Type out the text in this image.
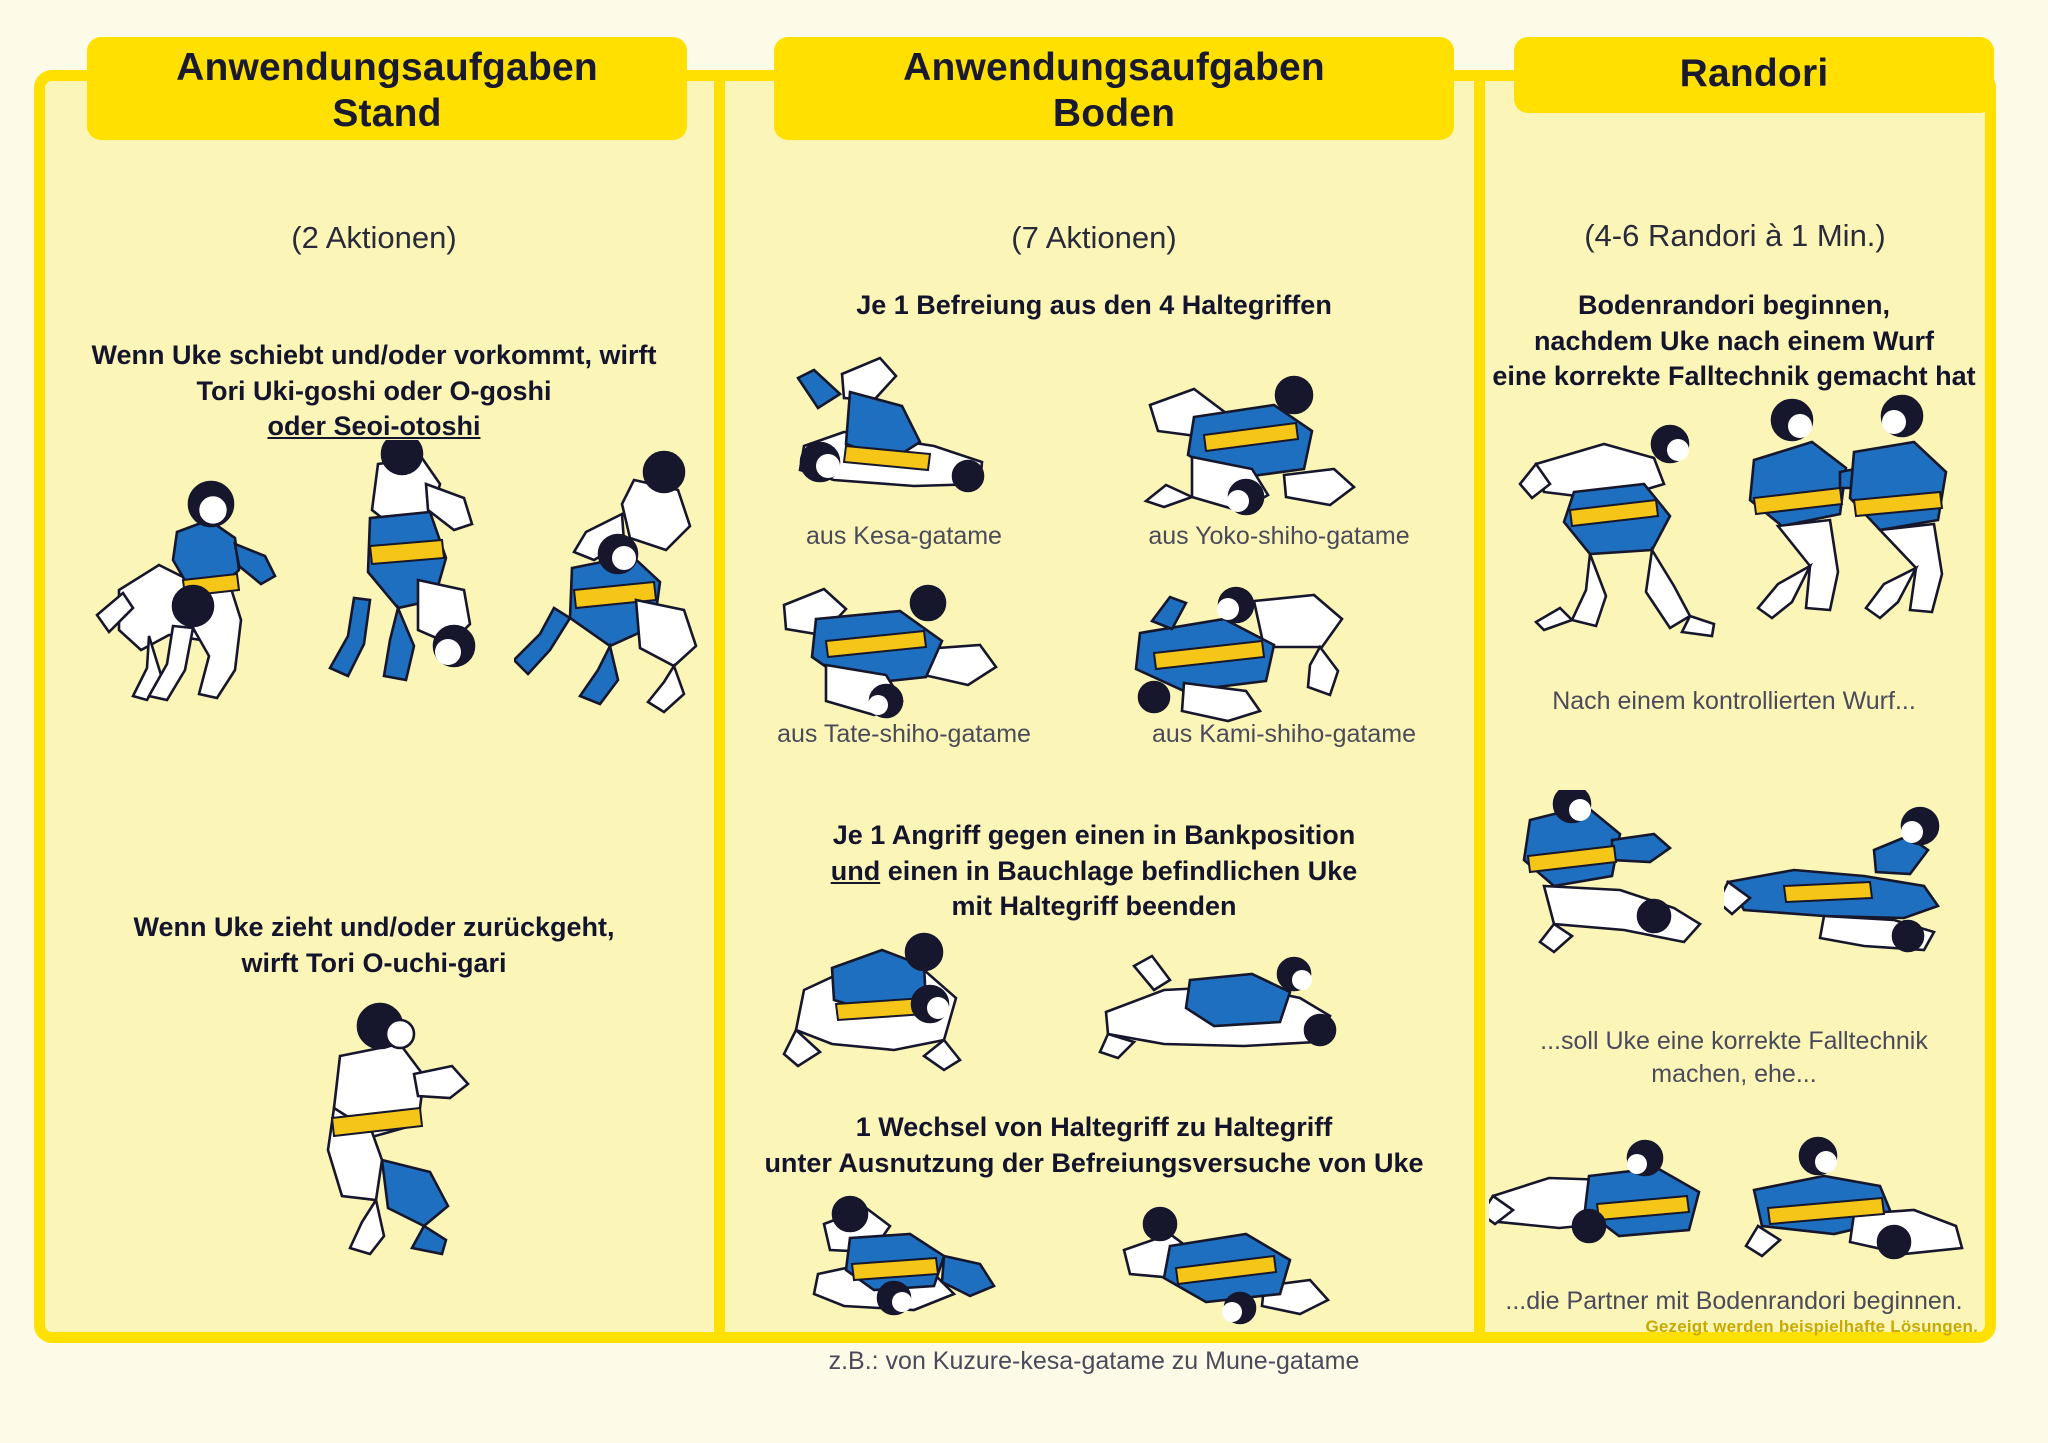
Anwendungsaufgaben
Stand
(2 Aktionen)
Wenn Uke schiebt und/oder vorkommt, wirft
Tori Uki-goshi oder O-goshi
oder Seoi-otoshi
Wenn Uke zieht und/oder zurückgeht,
wirft Tori O-uchi-gari
Anwendungsaufgaben
Boden
(7 Aktionen)
Je 1 Befreiung aus den 4 Haltegriffen
aus Kesa-gatame	aus Yoko-shiho-gatame
aus Tate-shiho-gatame	aus Kami-shiho-gatame
Je 1 Angriff gegen einen in Bankposition
und einen in Bauchlage befindlichen Uke
mit Haltegriff beenden
1 Wechsel von Haltegriff zu Haltegriff
unter Ausnutzung der Befreiungsversuche von Uke
z.B.: von Kuzure-kesa-gatame zu Mune-gatame
Randori
(4-6 Randori à 1 Min.)
Bodenrandori beginnen,
nachdem Uke nach einem Wurf
eine korrekte Falltechnik gemacht hat
Nach einem kontrollierten Wurf...
...soll Uke eine korrekte Falltechnik
machen, ehe...
...die Partner mit Bodenrandori beginnen.
Gezeigt werden beispielhafte Lösungen.
